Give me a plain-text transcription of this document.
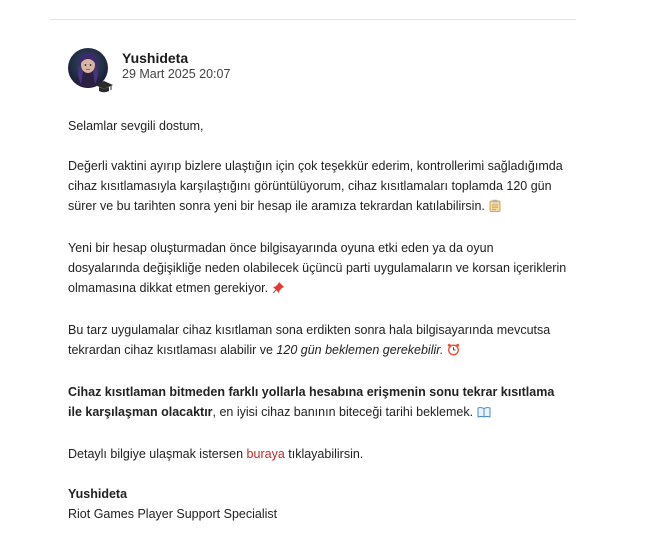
Yushideta
29 Mart 2025 20:07

Selamlar sevgili dostum,

Değerli vaktini ayırıp bizlere ulaştığın için çok teşekkür ederim, kontrollerimi sağladığımda cihaz kısıtlamasıyla karşılaştığını görüntülüyorum, cihaz kısıtlamaları toplamda 120 gün sürer ve bu tarihten sonra yeni bir hesap ile aramıza tekrardan katılabilirsin.

Yeni bir hesap oluşturmadan önce bilgisayarında oyuna etki eden ya da oyun dosyalarında değişikliğe neden olabilecek üçüncü parti uygulamaların ve korsan içeriklerin olmamasına dikkat etmen gerekiyor.

Bu tarz uygulamalar cihaz kısıtlaman sona erdikten sonra hala bilgisayarında mevcutsa tekrardan cihaz kısıtlaması alabilir ve 120 gün beklemen gerekebilir.

Cihaz kısıtlaman bitmeden farklı yollarla hesabına erişmenin sonu tekrar kısıtlama ile karşılaşman olacaktır, en iyisi cihaz banının biteceği tarihi beklemek.

Detaylı bilgiye ulaşmak istersen buraya tıklayabilirsin.

Yushideta
Riot Games Player Support Specialist
